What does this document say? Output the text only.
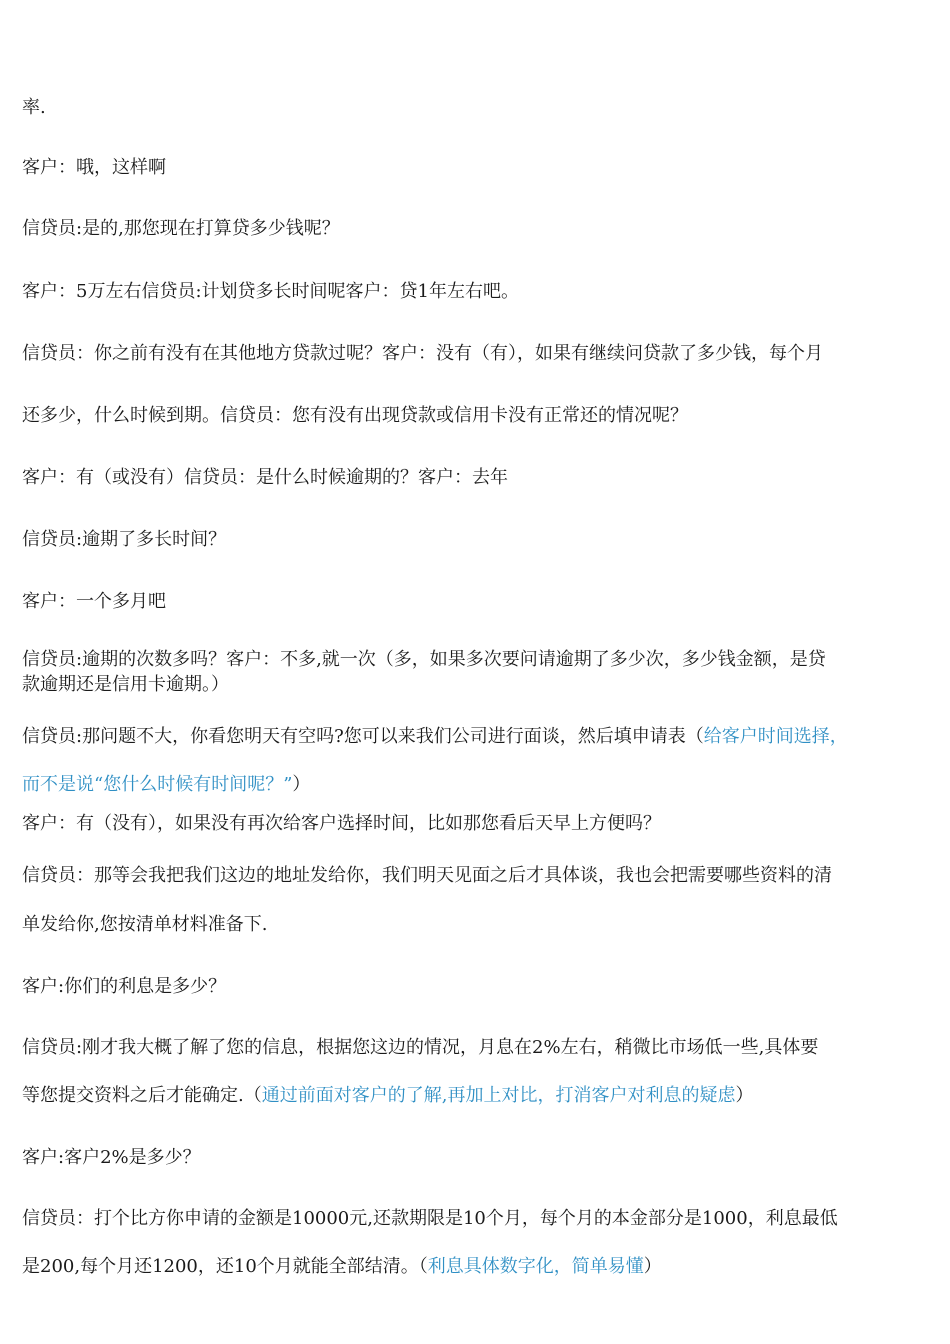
率.
客户：哦，这样啊
信贷员:是的,那您现在打算贷多少钱呢？
客户：5万左右信贷员:计划贷多长时间呢客户：贷1年左右吧。
信贷员：你之前有没有在其他地方贷款过呢？客户：没有（有），如果有继续问贷款了多少钱，每个月
还多少，什么时候到期。信贷员：您有没有出现贷款或信用卡没有正常还的情况呢？
客户：有（或没有）信贷员：是什么时候逾期的？客户：去年
信贷员:逾期了多长时间？
客户：一个多月吧
信贷员:逾期的次数多吗？客户：不多,就一次（多，如果多次要问请逾期了多少次，多少钱金额，是贷
款逾期还是信用卡逾期。）
信贷员:那问题不大，你看您明天有空吗?您可以来我们公司进行面谈，然后填申请表（给客户时间选择，
而不是说“您什么时候有时间呢？”）
客户：有（没有），如果没有再次给客户选择时间，比如那您看后天早上方便吗？
信贷员：那等会我把我们这边的地址发给你，我们明天见面之后才具体谈，我也会把需要哪些资料的清
单发给你,您按清单材料准备下.
客户:你们的利息是多少？
信贷员:刚才我大概了解了您的信息，根据您这边的情况，月息在2%左右，稍微比市场低一些,具体要
等您提交资料之后才能确定.（通过前面对客户的了解,再加上对比，打消客户对利息的疑虑）
客户:客户2%是多少？
信贷员：打个比方你申请的金额是10000元,还款期限是10个月，每个月的本金部分是1000，利息最低
是200,每个月还1200，还10个月就能全部结清。（利息具体数字化，简单易懂）
